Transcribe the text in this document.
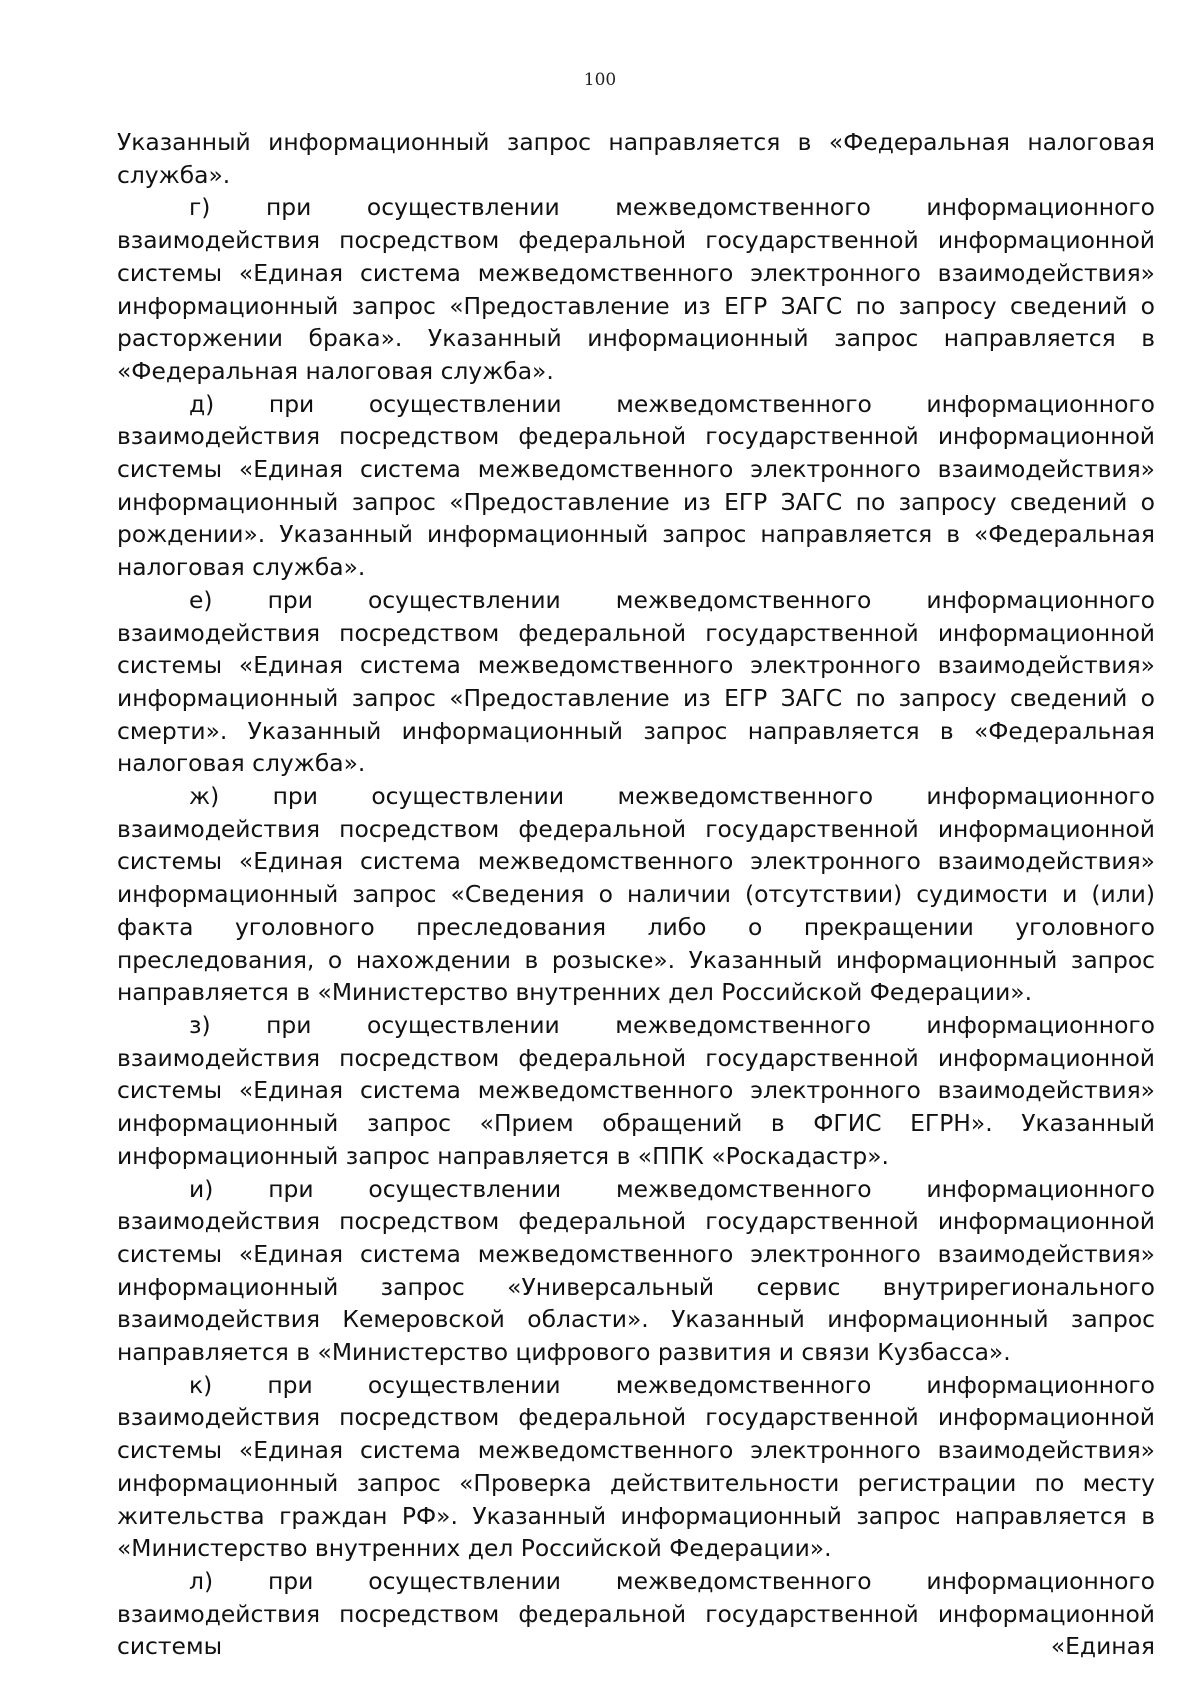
100

Указанный информационный запрос направляется в «Федеральная налоговая служба».

г) при осуществлении межведомственного информационного взаимодействия посредством федеральной государственной информационной системы «Единая система межведомственного электронного взаимодействия» информационный запрос «Предоставление из ЕГР ЗАГС по запросу сведений о расторжении брака». Указанный информационный запрос направляется в «Федеральная налоговая служба».

д) при осуществлении межведомственного информационного взаимодействия посредством федеральной государственной информационной системы «Единая система межведомственного электронного взаимодействия» информационный запрос «Предоставление из ЕГР ЗАГС по запросу сведений о рождении». Указанный информационный запрос направляется в «Федеральная налоговая служба».

е) при осуществлении межведомственного информационного взаимодействия посредством федеральной государственной информационной системы «Единая система межведомственного электронного взаимодействия» информационный запрос «Предоставление из ЕГР ЗАГС по запросу сведений о смерти». Указанный информационный запрос направляется в «Федеральная налоговая служба».

ж) при осуществлении межведомственного информационного взаимодействия посредством федеральной государственной информационной системы «Единая система межведомственного электронного взаимодействия» информационный запрос «Сведения о наличии (отсутствии) судимости и (или) факта уголовного преследования либо о прекращении уголовного преследования, о нахождении в розыске». Указанный информационный запрос направляется в «Министерство внутренних дел Российской Федерации».

з) при осуществлении межведомственного информационного взаимодействия посредством федеральной государственной информационной системы «Единая система межведомственного электронного взаимодействия» информационный запрос «Прием обращений в ФГИС ЕГРН». Указанный информационный запрос направляется в «ППК «Роскадастр».

и) при осуществлении межведомственного информационного взаимодействия посредством федеральной государственной информационной системы «Единая система межведомственного электронного взаимодействия» информационный запрос «Универсальный сервис внутрирегионального взаимодействия Кемеровской области». Указанный информационный запрос направляется в «Министерство цифрового развития и связи Кузбасса».

к) при осуществлении межведомственного информационного взаимодействия посредством федеральной государственной информационной системы «Единая система межведомственного электронного взаимодействия» информационный запрос «Проверка действительности регистрации по месту жительства граждан РФ». Указанный информационный запрос направляется в «Министерство внутренних дел Российской Федерации».

л) при осуществлении межведомственного информационного взаимодействия посредством федеральной государственной информационной системы «Единая
